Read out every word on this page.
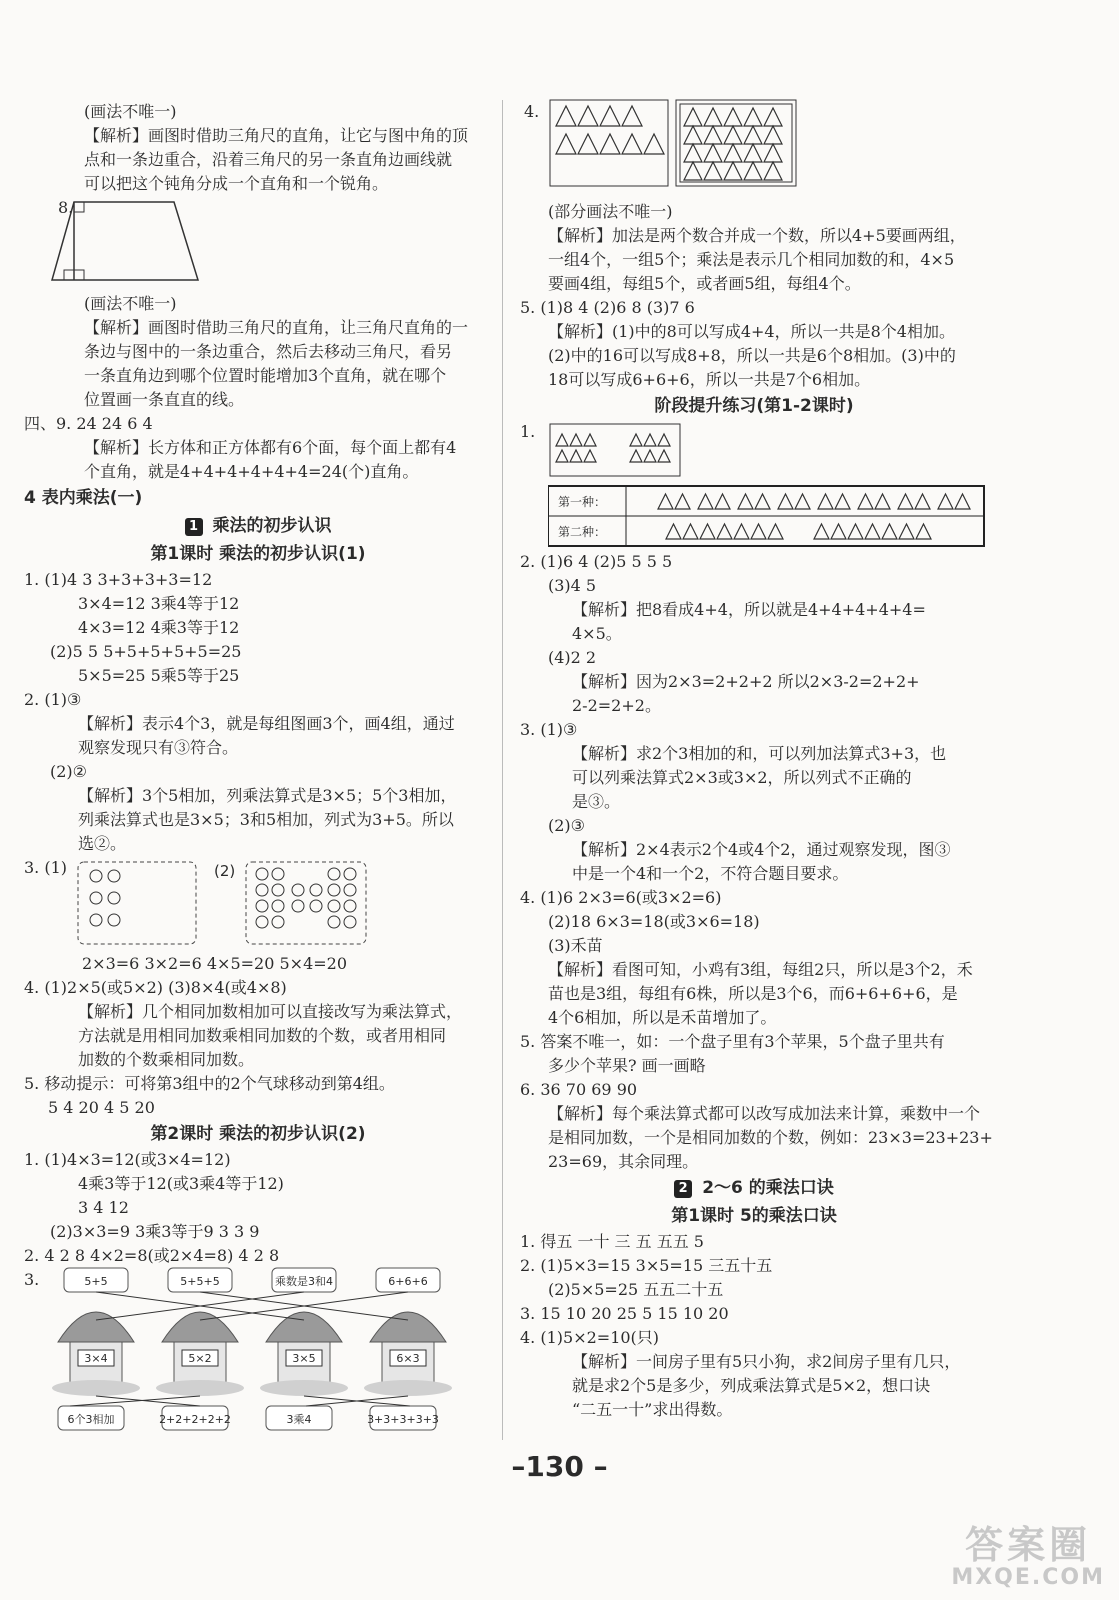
(画法不唯一)
【解析】画图时借助三角尺的直角，让它与图中角的顶
点和一条边重合，沿着三角尺的另一条直角边画线就
可以把这个钝角分成一个直角和一个锐角。
8.
(画法不唯一)
【解析】画图时借助三角尺的直角，让三角尺直角的一
条边与图中的一条边重合，然后去移动三角尺，看另
一条直角边到哪个位置时能增加3个直角，就在哪个
位置画一条直直的线。
四、9. 24 24 6 4
【解析】长方体和正方体都有6个面，每个面上都有4
个直角，就是4+4+4+4+4+4=24(个)直角。
4 表内乘法(一)
1 乘法的初步认识
第1课时 乘法的初步认识(1)
1. (1)4 3 3+3+3+3=12
3×4=12 3乘4等于12
4×3=12 4乘3等于12
(2)5 5 5+5+5+5+5=25
5×5=25 5乘5等于25
2. (1)③
【解析】表示4个3，就是每组图画3个，画4组，通过
观察发现只有③符合。
(2)②
【解析】3个5相加，列乘法算式是3×5；5个3相加，
列乘法算式也是3×5；3和5相加，列式为3+5。所以
选②。
3. (1)	(2)
2×3=6 3×2=6 4×5=20 5×4=20
4. (1)2×5(或5×2) (3)8×4(或4×8)
【解析】几个相同加数相加可以直接改写为乘法算式，
方法就是用相同加数乘相同加数的个数，或者用相同
加数的个数乘相同加数。
5. 移动提示：可将第3组中的2个气球移动到第4组。
5 4 20 4 5 20
第2课时 乘法的初步认识(2)
1. (1)4×3=12(或3×4=12)
4乘3等于12(或3乘4等于12)
3 4 12
(2)3×3=9 3乘3等于9 3 3 9
2. 4 2 8 4×2=8(或2×4=8) 4 2 8
3.	5+5
3×4
6个3相加
5+5+5
5×2
2+2+2+2+2
乘数是3和4
3×5
3乘4
6+6+6
6×3
3+3+3+3+3
4.
(部分画法不唯一)
【解析】加法是两个数合并成一个数，所以4+5要画两组，
一组4个，一组5个；乘法是表示几个相同加数的和，4×5
要画4组，每组5个，或者画5组，每组4个。
5. (1)8 4 (2)6 8 (3)7 6
【解析】(1)中的8可以写成4+4，所以一共是8个4相加。
(2)中的16可以写成8+8，所以一共是6个8相加。(3)中的
18可以写成6+6+6，所以一共是7个6相加。
阶段提升练习(第1-2课时)
1.
第一种：
第二种：
2. (1)6 4 (2)5 5 5 5
(3)4 5
【解析】把8看成4+4，所以就是4+4+4+4+4=
4×5。
(4)2 2
【解析】因为2×3=2+2+2 所以2×3-2=2+2+
2-2=2+2。
3. (1)③
【解析】求2个3相加的和，可以列加法算式3+3，也
可以列乘法算式2×3或3×2，所以列式不正确的
是③。
(2)③
【解析】2×4表示2个4或4个2，通过观察发现，图③
中是一个4和一个2，不符合题目要求。
4. (1)6 2×3=6(或3×2=6)
(2)18 6×3=18(或3×6=18)
(3)禾苗
【解析】看图可知，小鸡有3组，每组2只，所以是3个2，禾
苗也是3组，每组有6株，所以是3个6，而6+6+6+6，是
4个6相加，所以是禾苗增加了。
5. 答案不唯一，如：一个盘子里有3个苹果，5个盘子里共有
多少个苹果? 画一画略
6. 36 70 69 90
【解析】每个乘法算式都可以改写成加法来计算，乘数中一个
是相同加数，一个是相同加数的个数，例如：23×3=23+23+
23=69，其余同理。
2 2～6 的乘法口诀
第1课时 5的乘法口诀
1. 得五 一十 三 五 五五 5
2. (1)5×3=15 3×5=15 三五十五
(2)5×5=25 五五二十五
3. 15 10 20 25 5 15 10 20
4. (1)5×2=10(只)
【解析】一间房子里有5只小狗，求2间房子里有几只，
就是求2个5是多少，列成乘法算式是5×2，想口诀
“二五一十”求出得数。
–130 –
答案圈
MXQE.COM
